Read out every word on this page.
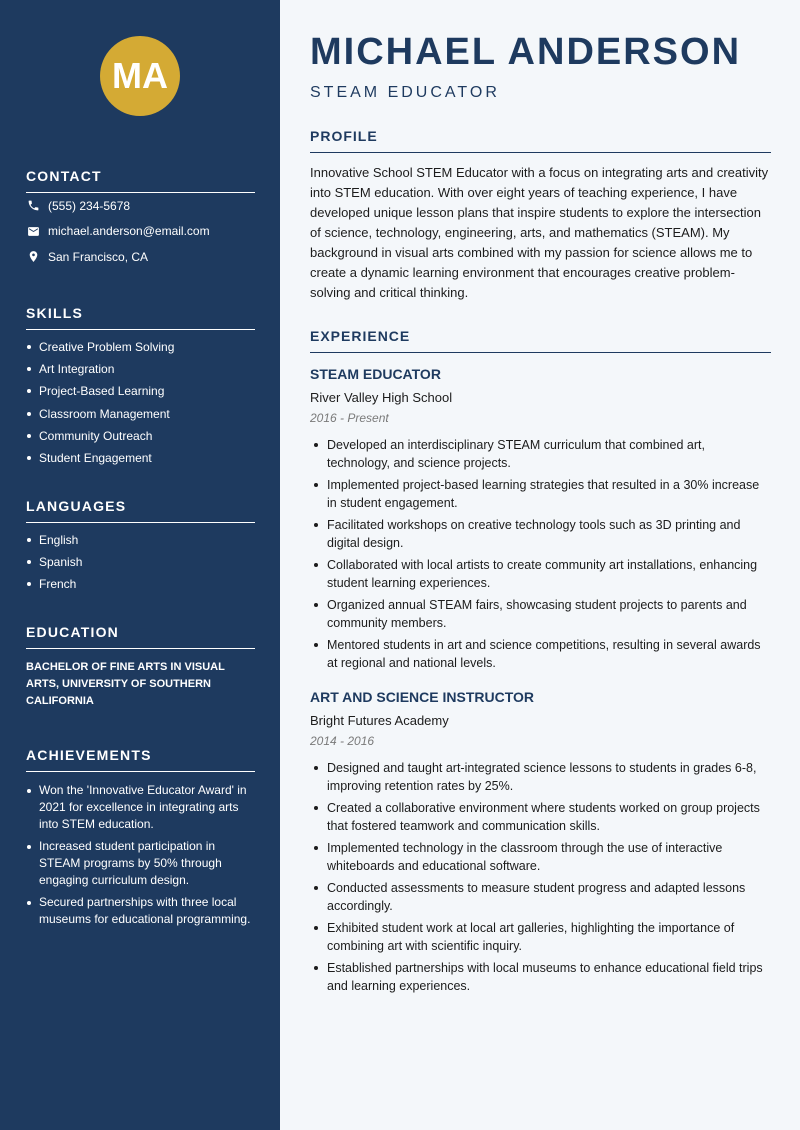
MA
CONTACT
(555) 234-5678
michael.anderson@email.com
San Francisco, CA
SKILLS
Creative Problem Solving
Art Integration
Project-Based Learning
Classroom Management
Community Outreach
Student Engagement
LANGUAGES
English
Spanish
French
EDUCATION
BACHELOR OF FINE ARTS IN VISUAL ARTS, UNIVERSITY OF SOUTHERN CALIFORNIA
ACHIEVEMENTS
Won the 'Innovative Educator Award' in 2021 for excellence in integrating arts into STEM education.
Increased student participation in STEAM programs by 50% through engaging curriculum design.
Secured partnerships with three local museums for educational programming.
MICHAEL ANDERSON
STEAM EDUCATOR
PROFILE

Innovative School STEM Educator with a focus on integrating arts and creativity into STEM education. With over eight years of teaching experience, I have developed unique lesson plans that inspire students to explore the intersection of science, technology, engineering, arts, and mathematics (STEAM). My background in visual arts combined with my passion for science allows me to create a dynamic learning environment that encourages creative problem-solving and critical thinking.

EXPERIENCE
STEAM EDUCATOR
River Valley High School
2016 - Present
Developed an interdisciplinary STEAM curriculum that combined art, technology, and science projects.
Implemented project-based learning strategies that resulted in a 30% increase in student engagement.
Facilitated workshops on creative technology tools such as 3D printing and digital design.
Collaborated with local artists to create community art installations, enhancing student learning experiences.
Organized annual STEAM fairs, showcasing student projects to parents and community members.
Mentored students in art and science competitions, resulting in several awards at regional and national levels.
ART AND SCIENCE INSTRUCTOR
Bright Futures Academy
2014 - 2016
Designed and taught art-integrated science lessons to students in grades 6-8, improving retention rates by 25%.
Created a collaborative environment where students worked on group projects that fostered teamwork and communication skills.
Implemented technology in the classroom through the use of interactive whiteboards and educational software.
Conducted assessments to measure student progress and adapted lessons accordingly.
Exhibited student work at local art galleries, highlighting the importance of combining art with scientific inquiry.
Established partnerships with local museums to enhance educational field trips and learning experiences.
